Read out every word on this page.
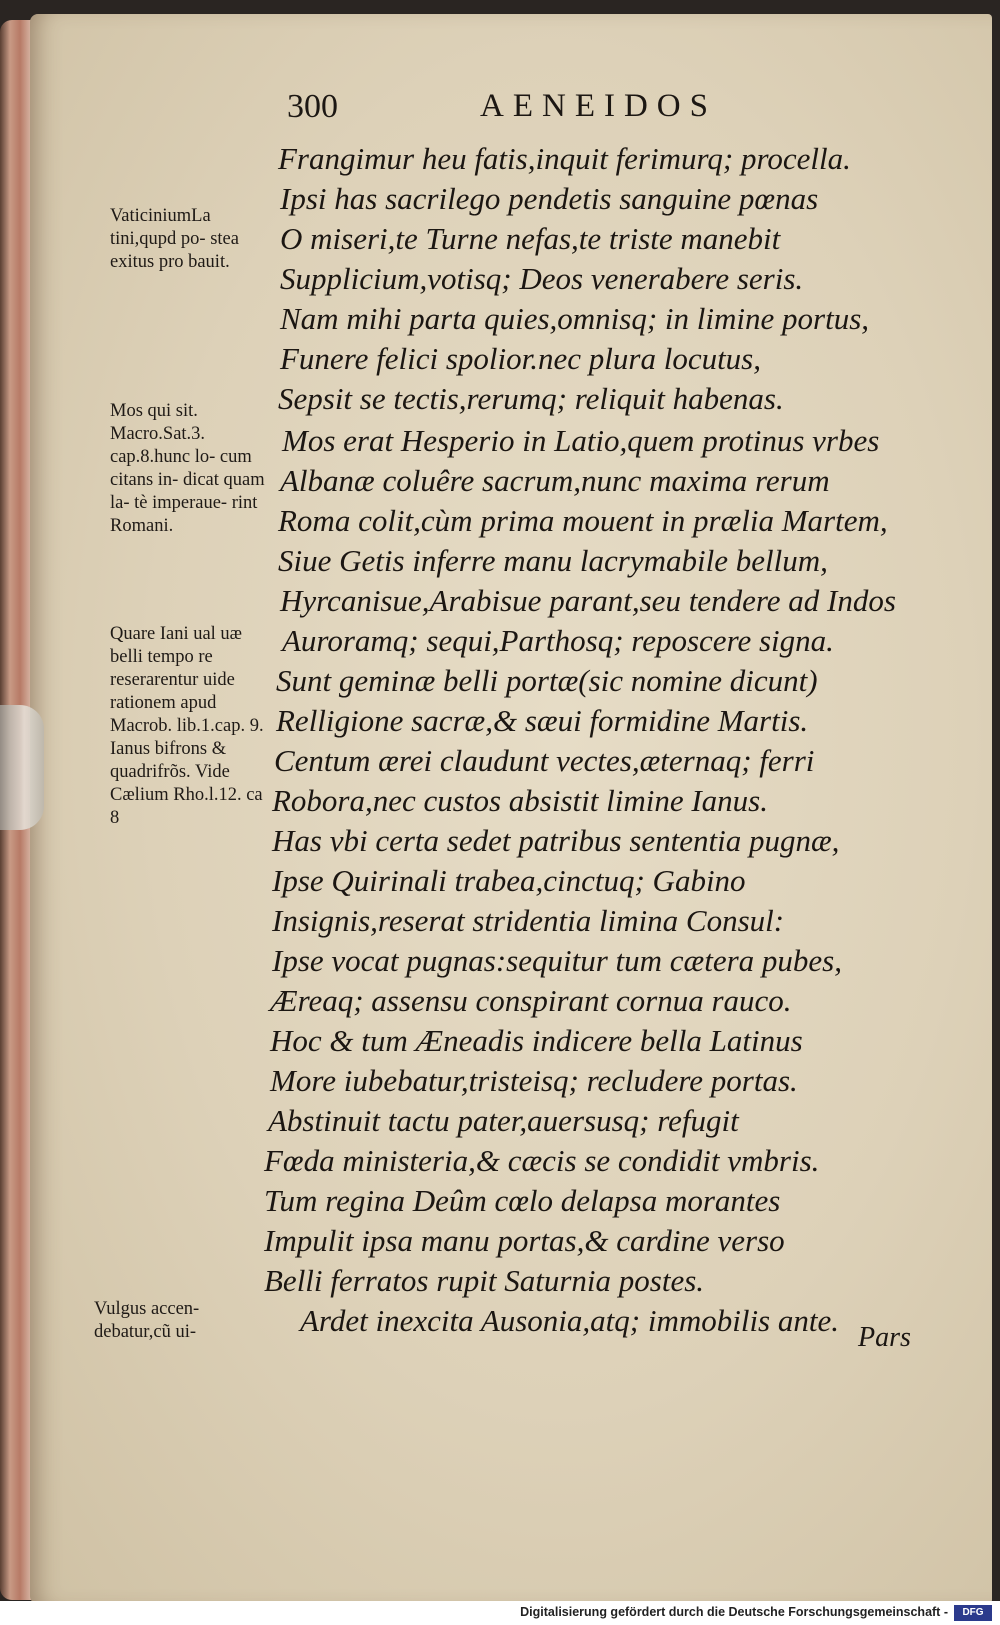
300	AENEIDOS
Frangimur heu fatis,inquit ferimurq; procella.
Ipsi has sacrilego pendetis sanguine pœnas
O miseri,te Turne nefas,te triste manebit
Supplicium,votisq; Deos venerabere seris.
Nam mihi parta quies,omnisq; in limine portus,
Funere felici spolior.nec plura locutus,
Sepsit se tectis,rerumq; reliquit habenas.
Mos erat Hesperio in Latio,quem protinus vrbes
Albanæ coluêre sacrum,nunc maxima rerum
Roma colit,cùm prima mouent in prælia Martem,
Siue Getis inferre manu lacrymabile bellum,
Hyrcanisue,Arabisue parant,seu tendere ad Indos
Auroramq; sequi,Parthosq; reposcere signa.
Sunt geminæ belli portæ(sic nomine dicunt)
Relligione sacræ,& sæui formidine Martis.
Centum ærei claudunt vectes,æternaq; ferri
Robora,nec custos absistit limine Ianus.
Has vbi certa sedet patribus sententia pugnæ,
Ipse Quirinali trabea,cinctuq; Gabino
Insignis,reserat stridentia limina Consul:
Ipse vocat pugnas:sequitur tum cætera pubes,
Æreaq; assensu conspirant cornua rauco.
Hoc & tum Æneadis indicere bella Latinus
More iubebatur,tristeisq; recludere portas.
Abstinuit tactu pater,auersusq; refugit
Fœda ministeria,& cæcis se condidit vmbris.
Tum regina Deûm cœlo delapsa morantes
Impulit ipsa manu portas,& cardine verso
Belli ferratos rupit Saturnia postes.
Ardet inexcita Ausonia,atq; immobilis ante.
VaticiniumLa tini,qupd po- stea exitus pro bauit.
Mos qui sit. Macro.Sat.3. cap.8.hunc lo- cum citans in- dicat quam la- tè imperaue- rint Romani.
Quare Iani ual uæ belli tempo re reserarentur uide rationem apud Macrob. lib.1.cap. 9. Ianus bifrons & quadrifrõs. Vide Cælium Rho.l.12. ca 8
Vulgus accen- debatur,cũ ui-	Pars
Digitalisierung gefördert durch die Deutsche Forschungsgemeinschaft -	DFG
